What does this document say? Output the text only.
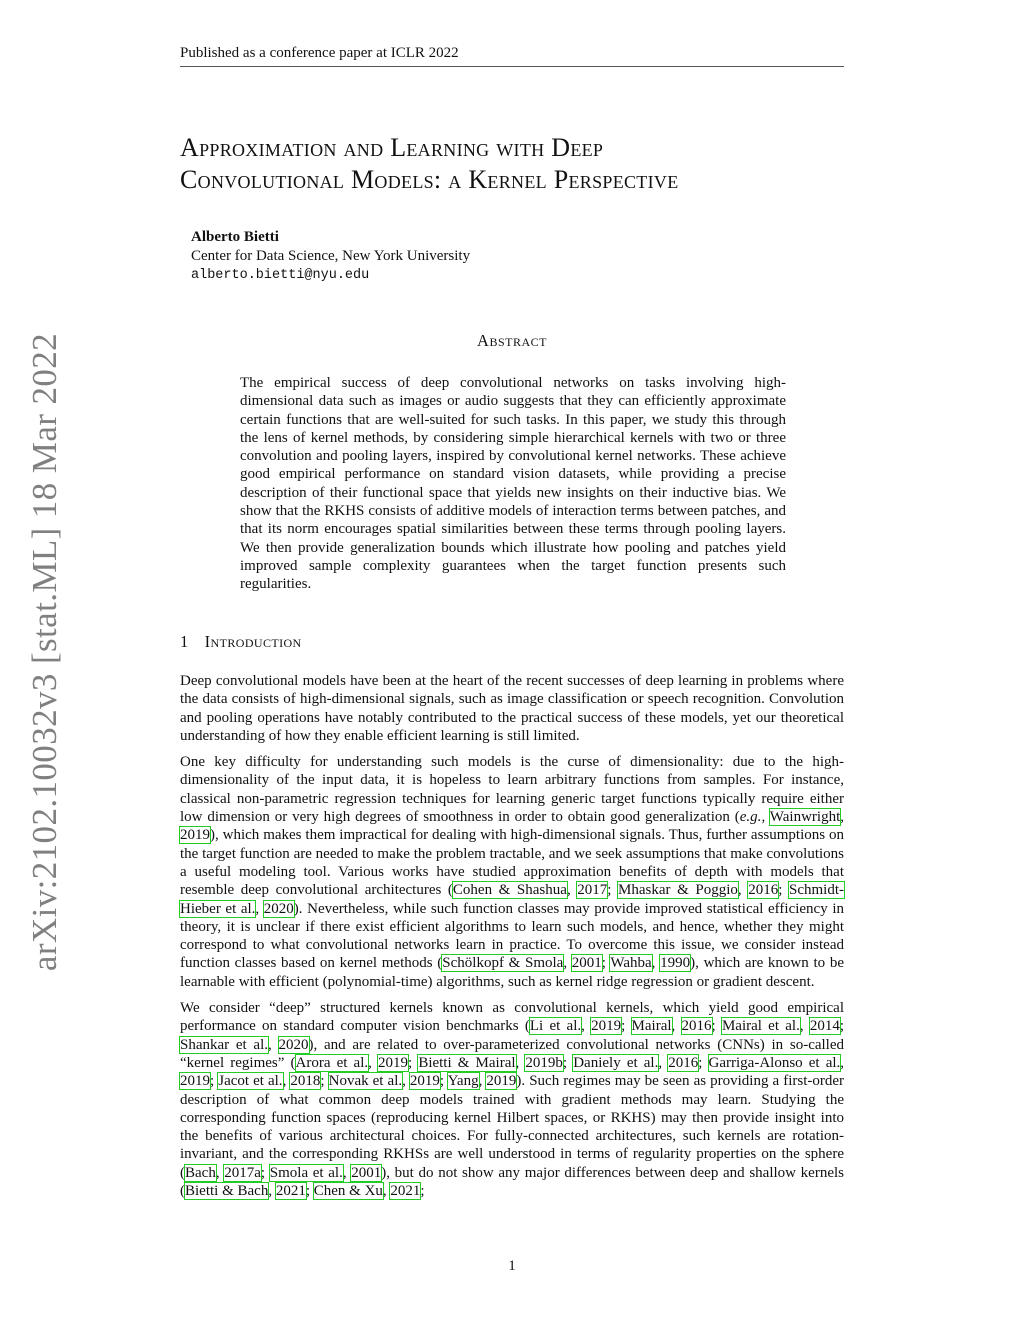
Published as a conference paper at ICLR 2022
Approximation and Learning with Deep
Convolutional Models: a Kernel Perspective
Alberto Bietti
Center for Data Science, New York University
alberto.bietti@nyu.edu
Abstract
The empirical success of deep convolutional networks on tasks involving high-dimensional data such as images or audio suggests that they can efficiently approximate certain functions that are well-suited for such tasks. In this paper, we study this through the lens of kernel methods, by considering simple hierarchical kernels with two or three convolution and pooling layers, inspired by convolutional kernel networks. These achieve good empirical performance on standard vision datasets, while providing a precise description of their functional space that yields new insights on their inductive bias. We show that the RKHS consists of additive models of interaction terms between patches, and that its norm encourages spatial similarities between these terms through pooling layers. We then provide generalization bounds which illustrate how pooling and patches yield improved sample complexity guarantees when the target function presents such regularities.
1 Introduction

Deep convolutional models have been at the heart of the recent successes of deep learning in problems where the data consists of high-dimensional signals, such as image classification or speech recognition. Convolution and pooling operations have notably contributed to the practical success of these models, yet our theoretical understanding of how they enable efficient learning is still limited.

One key difficulty for understanding such models is the curse of dimensionality: due to the high-dimensionality of the input data, it is hopeless to learn arbitrary functions from samples. For instance, classical non-parametric regression techniques for learning generic target functions typically require either low dimension or very high degrees of smoothness in order to obtain good generalization (e.g., Wainwright, 2019), which makes them impractical for dealing with high-dimensional signals. Thus, further assumptions on the target function are needed to make the problem tractable, and we seek assumptions that make convolutions a useful modeling tool. Various works have studied approximation benefits of depth with models that resemble deep convolutional architectures (Cohen & Shashua, 2017; Mhaskar & Poggio, 2016; Schmidt-Hieber et al., 2020). Nevertheless, while such function classes may provide improved statistical efficiency in theory, it is unclear if there exist efficient algorithms to learn such models, and hence, whether they might correspond to what convolutional networks learn in practice. To overcome this issue, we consider instead function classes based on kernel methods (Schölkopf & Smola, 2001; Wahba, 1990), which are known to be learnable with efficient (polynomial-time) algorithms, such as kernel ridge regression or gradient descent.

We consider “deep” structured kernels known as convolutional kernels, which yield good empirical performance on standard computer vision benchmarks (Li et al., 2019; Mairal, 2016; Mairal et al., 2014; Shankar et al., 2020), and are related to over-parameterized convolutional networks (CNNs) in so-called “kernel regimes” (Arora et al., 2019; Bietti & Mairal, 2019b; Daniely et al., 2016; Garriga-Alonso et al., 2019; Jacot et al., 2018; Novak et al., 2019; Yang, 2019). Such regimes may be seen as providing a first-order description of what common deep models trained with gradient methods may learn. Studying the corresponding function spaces (reproducing kernel Hilbert spaces, or RKHS) may then provide insight into the benefits of various architectural choices. For fully-connected architectures, such kernels are rotation-invariant, and the corresponding RKHSs are well understood in terms of regularity properties on the sphere (Bach, 2017a; Smola et al., 2001), but do not show any major differences between deep and shallow kernels (Bietti & Bach, 2021; Chen & Xu, 2021;

1
arXiv:2102.10032v3 [stat.ML] 18 Mar 2022
